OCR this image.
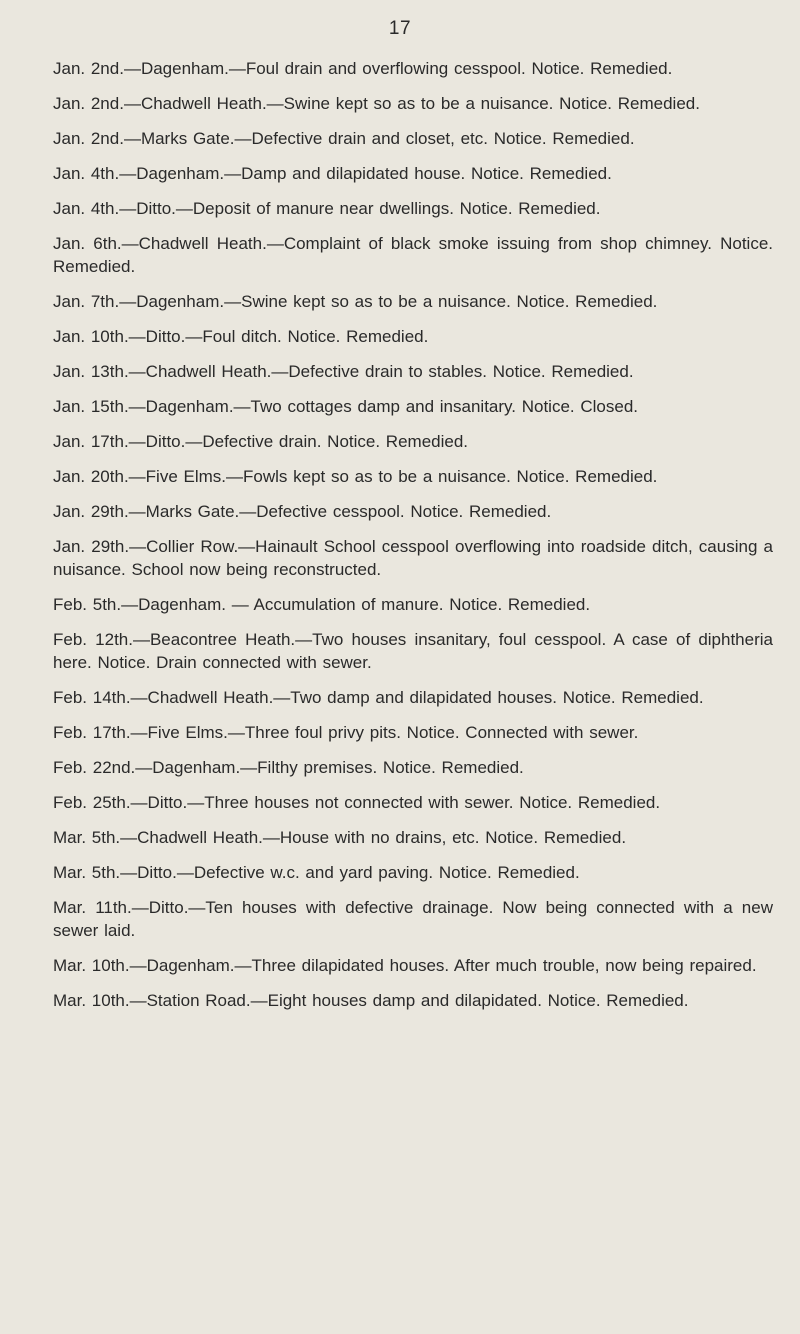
17

Jan. 2nd.—Dagenham.—Foul drain and overflowing cesspool. Notice. Remedied.

Jan. 2nd.—Chadwell Heath.—Swine kept so as to be a nuisance. Notice. Remedied.

Jan. 2nd.—Marks Gate.—Defective drain and closet, etc. Notice. Remedied.

Jan. 4th.—Dagenham.—Damp and dilapidated house. Notice. Remedied.

Jan. 4th.—Ditto.—Deposit of manure near dwellings. Notice. Remedied.

Jan. 6th.—Chadwell Heath.—Complaint of black smoke issuing from shop chimney. Notice. Remedied.

Jan. 7th.—Dagenham.—Swine kept so as to be a nuisance. Notice. Remedied.

Jan. 10th.—Ditto.—Foul ditch. Notice. Remedied.

Jan. 13th.—Chadwell Heath.—Defective drain to stables. Notice. Remedied.

Jan. 15th.—Dagenham.—Two cottages damp and insanitary. Notice. Closed.

Jan. 17th.—Ditto.—Defective drain. Notice. Remedied.

Jan. 20th.—Five Elms.—Fowls kept so as to be a nuisance. Notice. Remedied.

Jan. 29th.—Marks Gate.—Defective cesspool. Notice. Remedied.

Jan. 29th.—Collier Row.—Hainault School cesspool overflowing into roadside ditch, causing a nuisance. School now being reconstructed.

Feb. 5th.—Dagenham. — Accumulation of manure. Notice. Remedied.

Feb. 12th.—Beacontree Heath.—Two houses insanitary, foul cesspool. A case of diphtheria here. Notice. Drain connected with sewer.

Feb. 14th.—Chadwell Heath.—Two damp and dilapidated houses. Notice. Remedied.

Feb. 17th.—Five Elms.—Three foul privy pits. Notice. Connected with sewer.

Feb. 22nd.—Dagenham.—Filthy premises. Notice. Remedied.

Feb. 25th.—Ditto.—Three houses not connected with sewer. Notice. Remedied.

Mar. 5th.—Chadwell Heath.—House with no drains, etc. Notice. Remedied.

Mar. 5th.—Ditto.—Defective w.c. and yard paving. Notice. Remedied.

Mar. 11th.—Ditto.—Ten houses with defective drainage. Now being connected with a new sewer laid.

Mar. 10th.—Dagenham.—Three dilapidated houses. After much trouble, now being repaired.

Mar. 10th.—Station Road.—Eight houses damp and dilapidated. Notice. Remedied.
